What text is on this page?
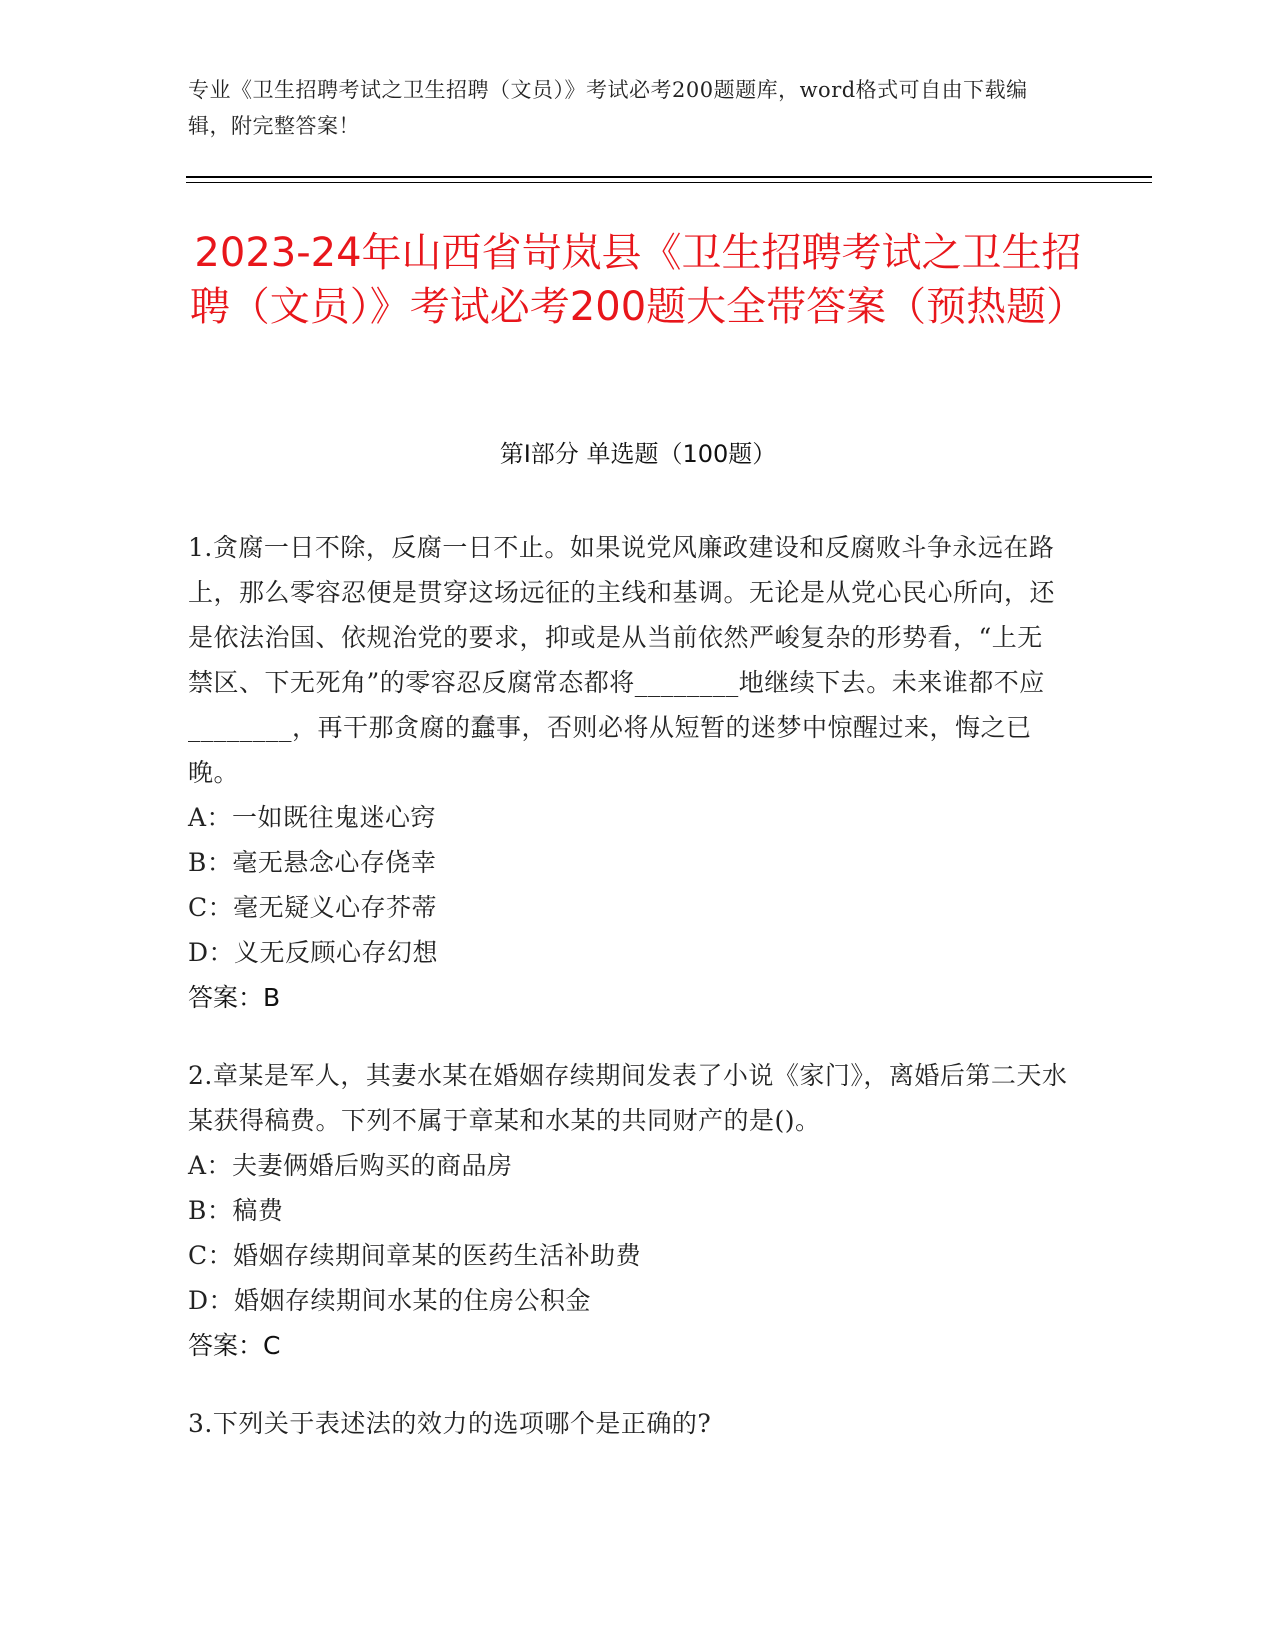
专业《卫生招聘考试之卫生招聘（文员）》考试必考200题题库，word格式可自由下载编辑，附完整答案！
2023-24年山西省岢岚县《卫生招聘考试之卫生招聘（文员）》考试必考200题大全带答案（预热题）
第Ⅰ部分 单选题（100题）

1.贪腐一日不除，反腐一日不止。如果说党风廉政建设和反腐败斗争永远在路上，那么零容忍便是贯穿这场远征的主线和基调。无论是从党心民心所向，还是依法治国、依规治党的要求，抑或是从当前依然严峻复杂的形势看，“上无禁区、下无死角”的零容忍反腐常态都将________地继续下去。未来谁都不应________，再干那贪腐的蠢事，否则必将从短暂的迷梦中惊醒过来，悔之已晚。

A：一如既往鬼迷心窍

B：毫无悬念心存侥幸

C：毫无疑义心存芥蒂

D：义无反顾心存幻想

答案：B

2.章某是军人，其妻水某在婚姻存续期间发表了小说《家门》，离婚后第二天水某获得稿费。下列不属于章某和水某的共同财产的是()。

A：夫妻俩婚后购买的商品房

B：稿费

C：婚姻存续期间章某的医药生活补助费

D：婚姻存续期间水某的住房公积金

答案：C

3.下列关于表述法的效力的选项哪个是正确的?
